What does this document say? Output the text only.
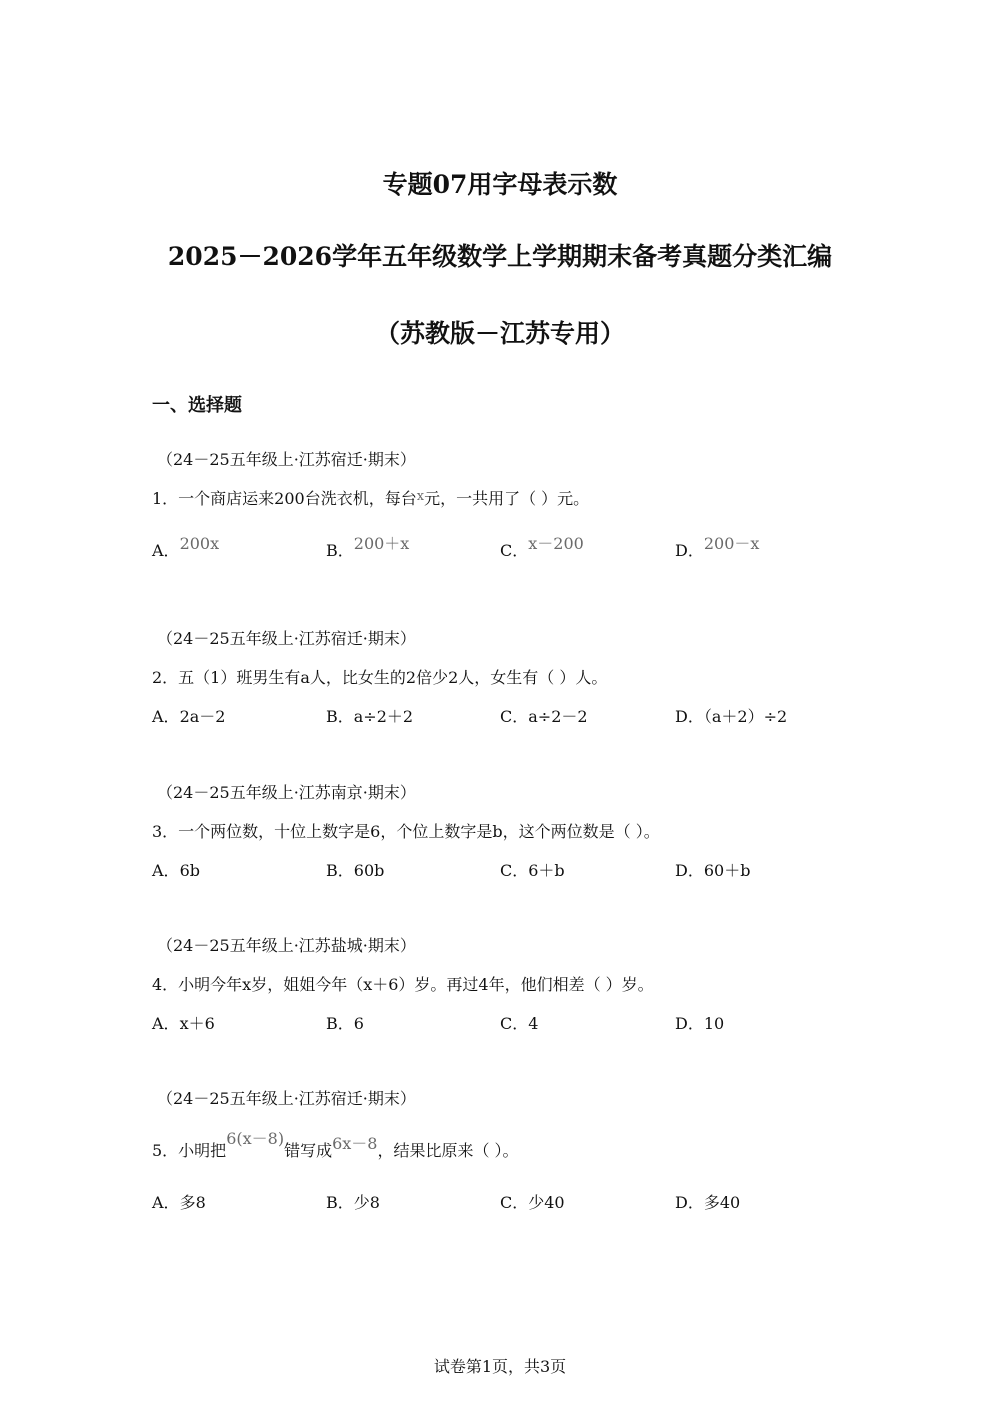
专题07用字母表示数
2025－2026学年五年级数学上学期期末备考真题分类汇编
（苏教版－江苏专用）
一、选择题
（24－25五年级上·江苏宿迁·期末）
1．一个商店运来200台洗衣机，每台$^x$元，一共用了（ ）元。
A．200x	B．200＋x	C．x－200	D．200－x
（24－25五年级上·江苏宿迁·期末）
2．五（1）班男生有a人，比女生的2倍少2人，女生有（ ）人。
A．2a－2	B．a÷2＋2	C．a÷2－2	D．（a＋2）÷2
（24－25五年级上·江苏南京·期末）
3．一个两位数，十位上数字是6，个位上数字是b，这个两位数是（ ）。
A．6b	B．60b	C．6＋b	D．60＋b
（24－25五年级上·江苏盐城·期末）
4．小明今年x岁，姐姐今年（x＋6）岁。再过4年，他们相差（ ）岁。
A．x＋6	B．6	C．4	D．10
（24－25五年级上·江苏宿迁·期末）
5．小明把6(x－8)错写成6x－8，结果比原来（ ）。
A．多8	B．少8	C．少40	D．多40
试卷第1页，共3页
